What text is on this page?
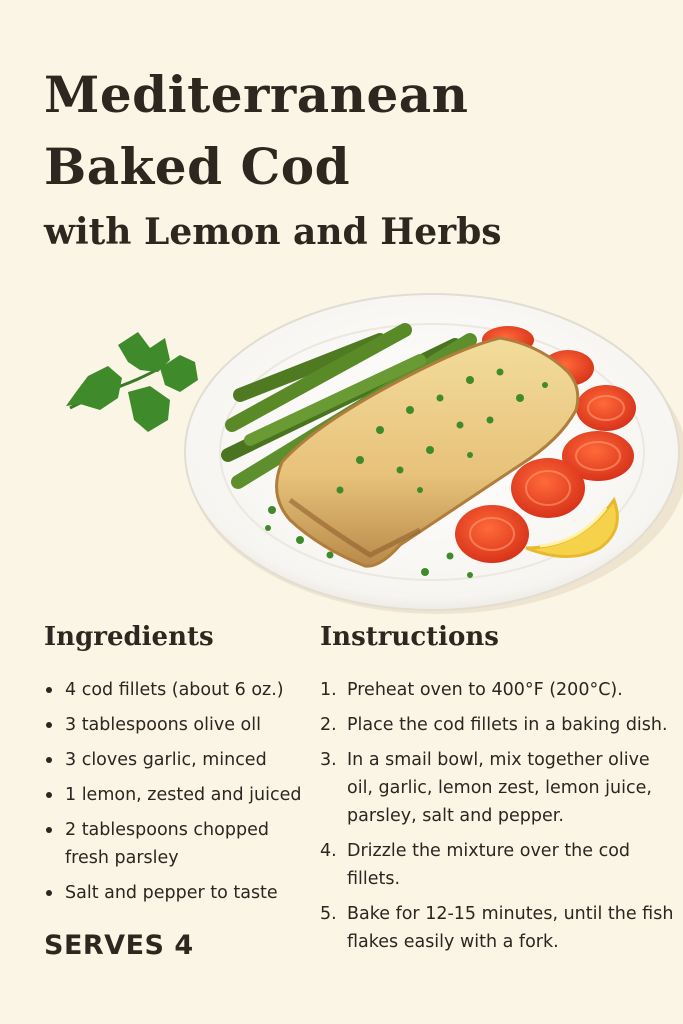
Mediterranean
Baked Cod
with Lemon and Herbs
Ingredients
4 cod fillets (about 6 oz.)
3 tablespoons olive oll
3 cloves garlic, minced
1 lemon, zested and juiced
2 tablespoons chopped fresh parsley
Salt and pepper to taste
Instructions
1. Preheat oven to 400°F (200°C).
2. Place the cod fillets in a baking dish.
3. In a smail bowl, mix together olive oil, garlic, lemon zest, lemon juice, parsley, salt and pepper.
4. Drizzle the mixture over the cod fillets.
5. Bake for 12-15 minutes, until the fish flakes easily with a fork.
SERVES 4
